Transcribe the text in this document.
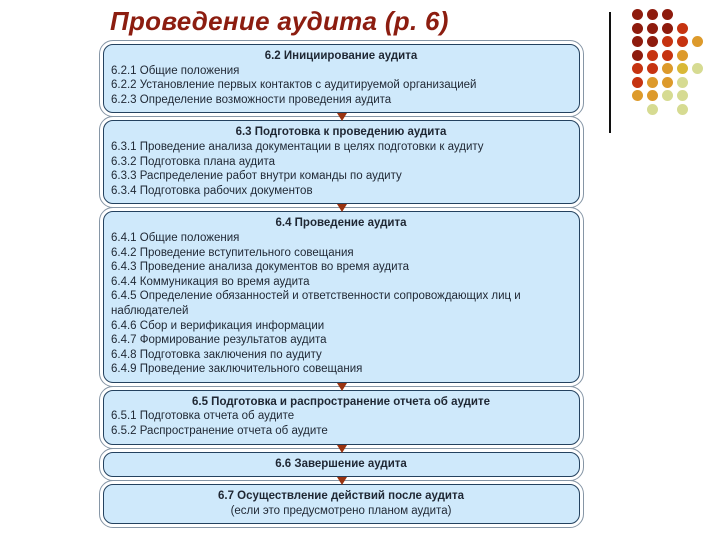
Проведение аудита (р. 6)
6.2 Инициирование аудита
6.2.1 Общие положения
6.2.2 Установление первых контактов с аудитируемой организацией
6.2.3 Определение возможности проведения аудита
6.3 Подготовка к проведению аудита
6.3.1 Проведение анализа документации в целях подготовки к аудиту
6.3.2 Подготовка плана аудита
6.3.3 Распределение работ внутри команды по аудиту
6.3.4 Подготовка рабочих документов
6.4 Проведение аудита
6.4.1 Общие положения
6.4.2 Проведение вступительного совещания
6.4.3 Проведение анализа документов во время аудита
6.4.4 Коммуникация во время аудита
6.4.5 Определение обязанностей и ответственности сопровождающих лиц и наблюдателей
6.4.6 Сбор и верификация информации
6.4.7 Формирование результатов аудита
6.4.8 Подготовка заключения по аудиту
6.4.9 Проведение заключительного совещания
6.5 Подготовка и распространение отчета об аудите
6.5.1 Подготовка отчета об аудите
6.5.2 Распространение отчета об аудите
6.6 Завершение аудита
6.7 Осуществление действий после аудита
(если это предусмотрено планом аудита)
